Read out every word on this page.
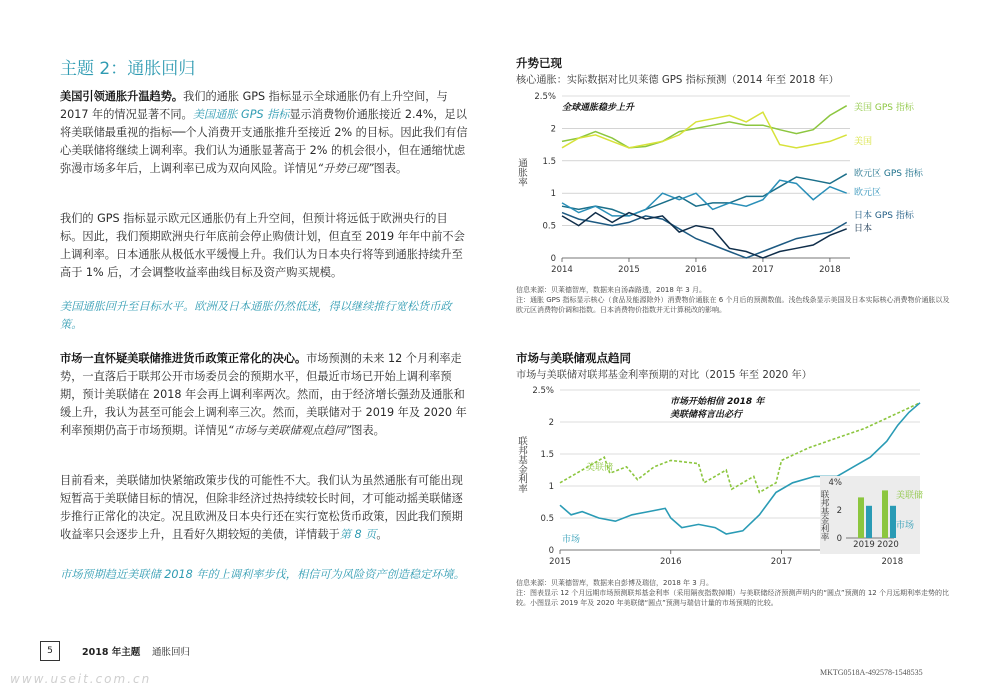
主题 2：通胀回归
美国引领通胀升温趋势。我们的通胀 GPS 指标显示全球通胀仍有上升空间，与 2017 年的情况显著不同。美国通胀 GPS 指标显示消费物价通胀接近 2.4%，足以将美联储最重视的指标──个人消费开支通胀推升至接近 2% 的目标。因此我们有信心美联储将继续上调利率。我们认为通胀显著高于 2% 的机会很小，但在通缩忧虑弥漫市场多年后，上调利率已成为双向风险。详情见“升势已现”图表。
我们的 GPS 指标显示欧元区通胀仍有上升空间，但预计将远低于欧洲央行的目标。因此，我们预期欧洲央行年底前会停止购债计划，但直至 2019 年年中前不会上调利率。日本通胀从极低水平缓慢上升。我们认为日本央行将等到通胀持续升至高于 1% 后，才会调整收益率曲线目标及资产购买规模。
美国通胀回升至目标水平。欧洲及日本通胀仍然低迷，得以继续推行宽松货币政策。
市场一直怀疑美联储推进货币政策正常化的决心。市场预测的未来 12 个月利率走势，一直落后于联邦公开市场委员会的预期水平，但最近市场已开始上调利率预期，预计美联储在 2018 年会再上调利率两次。然而，由于经济增长强劲及通胀和缓上升，我认为甚至可能会上调利率三次。然而，美联储对于 2019 年及 2020 年利率预期仍高于市场预期。详情见“市场与美联储观点趋同”图表。
目前看来，美联储加快紧缩政策步伐的可能性不大。我们认为虽然通胀有可能出现短暂高于美联储目标的情况，但除非经济过热持续较长时间，才可能动摇美联储逐步推行正常化的决定。况且欧洲及日本央行还在实行宽松货币政策，因此我们预期收益率只会逐步上升，且看好久期较短的美债，详情载于第 8 页。
市场预期趋近美联储 2018 年的上调利率步伐，相信可为风险资产创造稳定环境。
升势已现
核心通胀：实际数据对比贝莱德 GPS 指标预测（2014 年至 2018 年）
通胀率
2.5%
2
1.5
1
0.5
0
2014	2015	2016	2017	2018
美国 GPS 指标
美国
欧元区 GPS 指标
欧元区
日本 GPS 指标
日本
全球通胀稳步上升
信息来源：贝莱德智库，数据来自汤森路透，2018 年 3 月。
注：通胀 GPS 指标显示核心（食品及能源除外）消费物价通胀在 6 个月后的预测数值。浅色线条显示美国及日本实际核心消费物价通胀以及欧元区消费物价调和指数。日本消费物价指数并无计算税改的影响。
市场与美联储观点趋同
市场与美联储对联邦基金利率预期的对比（2015 年至 2020 年）
联邦基金利率
2.5%
2
1.5
1
0.5
0
2015	2016	2017	2018
美联储
市场
市场开始相信 2018 年
美联储将言出必行
4%
2
0
2019 2020
美联储
市场
联邦基金利率
信息来源：贝莱德智库，数据来自彭博及瑞信，2018 年 3 月。
注：图表显示 12 个月远期市场预测联邦基金利率（采用隔夜指数掉期）与美联储经济预测声明内的“圆点”预测的 12 个月远期利率走势的比较。小图显示 2019 年及 2020 年美联储“圆点”预测与瑞信计量的市场预期的比较。
5	2018 年主题 通胀回归
MKTG0518A-492578-1548535
www.useit.com.cn
